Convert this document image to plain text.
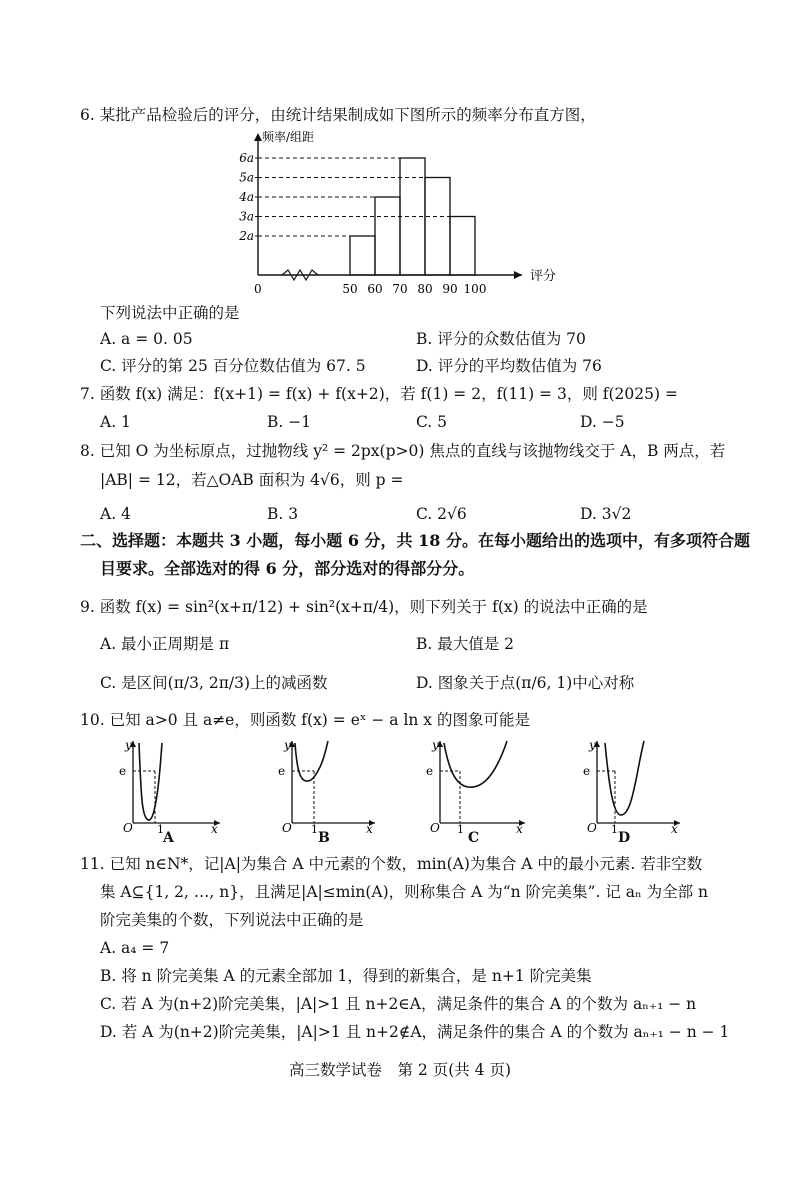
6. 某批产品检验后的评分，由统计结果制成如下图所示的频率分布直方图，
频率/组距
评分
0
2a
3a
4a
5a
6a
50 60 70 80 90 100
下列说法中正确的是
A. a = 0. 05	B. 评分的众数估值为 70
C. 评分的第 25 百分位数估值为 67. 5	D. 评分的平均数估值为 76
7. 函数 f(x) 满足：f(x+1) = f(x) + f(x+2)，若 f(1) = 2，f(11) = 3，则 f(2025) =
A. 1	B. −1	C. 5	D. −5
8. 已知 O 为坐标原点，过抛物线 y² = 2px(p>0) 焦点的直线与该抛物线交于 A，B 两点，若
|AB| = 12，若△OAB 面积为 4√6，则 p =
A. 4	B. 3	C. 2√6	D. 3√2
二、选择题：本题共 3 小题，每小题 6 分，共 18 分。在每小题给出的选项中，有多项符合题
目要求。全部选对的得 6 分，部分选对的得部分分。
9. 函数 f(x) = sin²(x+π/12) + sin²(x+π/4)，则下列关于 f(x) 的说法中正确的是
A. 最小正周期是 π	B. 最大值是 2
C. 是区间(π/3, 2π/3)上的减函数	D. 图象关于点(π/6, 1)中心对称
10. 已知 a>0 且 a≠e，则函数 f(x) = eˣ − a ln x 的图象可能是
y
e
O 1	x
A
y
e
O 1	x
B
y
e
O 1	x
C
y
e
O 1	x
D
11. 已知 n∈N*，记|A|为集合 A 中元素的个数，min(A)为集合 A 中的最小元素. 若非空数
集 A⊆{1, 2, …, n}，且满足|A|≤min(A)，则称集合 A 为“n 阶完美集”. 记 aₙ 为全部 n
阶完美集的个数，下列说法中正确的是
A. a₄ = 7
B. 将 n 阶完美集 A 的元素全部加 1，得到的新集合，是 n+1 阶完美集
C. 若 A 为(n+2)阶完美集，|A|>1 且 n+2∈A，满足条件的集合 A 的个数为 aₙ₊₁ − n
D. 若 A 为(n+2)阶完美集，|A|>1 且 n+2∉A，满足条件的集合 A 的个数为 aₙ₊₁ − n − 1
高三数学试卷　第 2 页(共 4 页)
